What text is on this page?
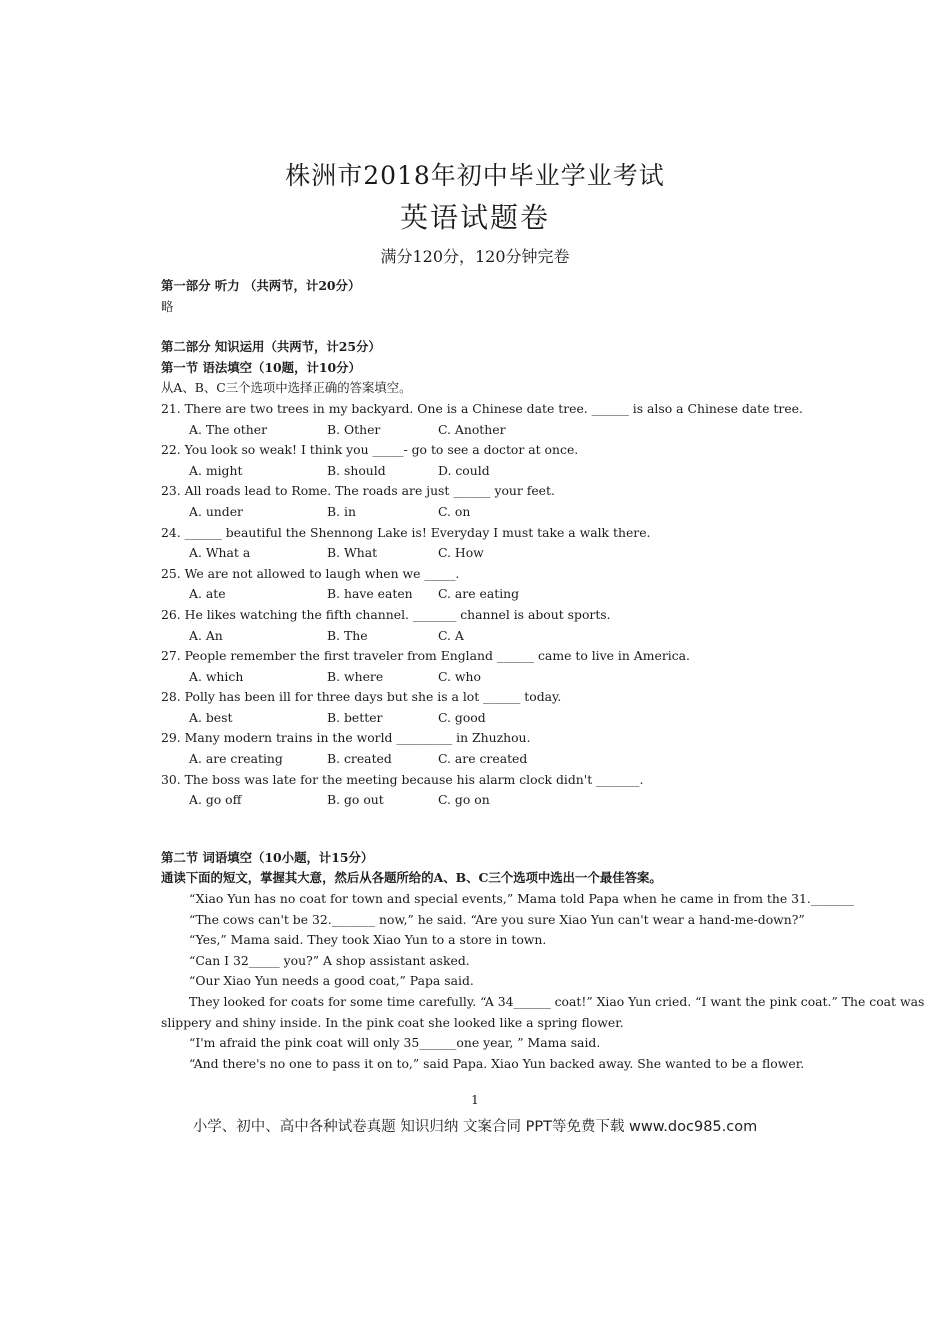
株洲市2018年初中毕业学业考试
英语试题卷
满分120分，120分钟完卷
第一部分 听力 （共两节，计20分）
略
第二部分 知识运用（共两节，计25分）
第一节 语法填空（10题，计10分）
从A、B、C三个选项中选择正确的答案填空。
21. There are two trees in my backyard. One is a Chinese date tree. ______ is also a Chinese date tree.
A. The other	B. Other	C. Another
22. You look so weak! I think you _____- go to see a doctor at once.
A. might	B. should	D. could
23. All roads lead to Rome. The roads are just ______ your feet.
A. under	B. in	C. on
24. ______ beautiful the Shennong Lake is! Everyday I must take a walk there.
A. What a	B. What	C. How
25. We are not allowed to laugh when we _____.
A. ate	B. have eaten C. are eating
26. He likes watching the fifth channel. _______ channel is about sports.
A. An	B. The	C. A
27. People remember the first traveler from England ______ came to live in America.
A. which	B. where	C. who
28. Polly has been ill for three days but she is a lot ______ today.
A. best	B. better	C. good
29. Many modern trains in the world _________ in Zhuzhou.
A. are creating	B. created	C. are created
30. The boss was late for the meeting because his alarm clock didn't _______.
A. go off	B. go out	C. go on
第二节 词语填空（10小题，计15分）
通读下面的短文，掌握其大意，然后从各题所给的A、B、C三个选项中选出一个最佳答案。
“Xiao Yun has no coat for town and special events,” Mama told Papa when he came in from the 31._______
“The cows can't be 32._______ now,” he said. “Are you sure Xiao Yun can't wear a hand-me-down?”
“Yes,” Mama said. They took Xiao Yun to a store in town.
“Can I 32_____ you?” A shop assistant asked.
“Our Xiao Yun needs a good coat,” Papa said.
They looked for coats for some time carefully. “A 34______ coat!” Xiao Yun cried. “I want the pink coat.” The coat was
slippery and shiny inside. In the pink coat she looked like a spring flower.
“I'm afraid the pink coat will only 35______one year, ” Mama said.
“And there's no one to pass it on to,” said Papa. Xiao Yun backed away. She wanted to be a flower.
1
小学、初中、高中各种试卷真题 知识归纳 文案合同 PPT等免费下载 www.doc985.com
